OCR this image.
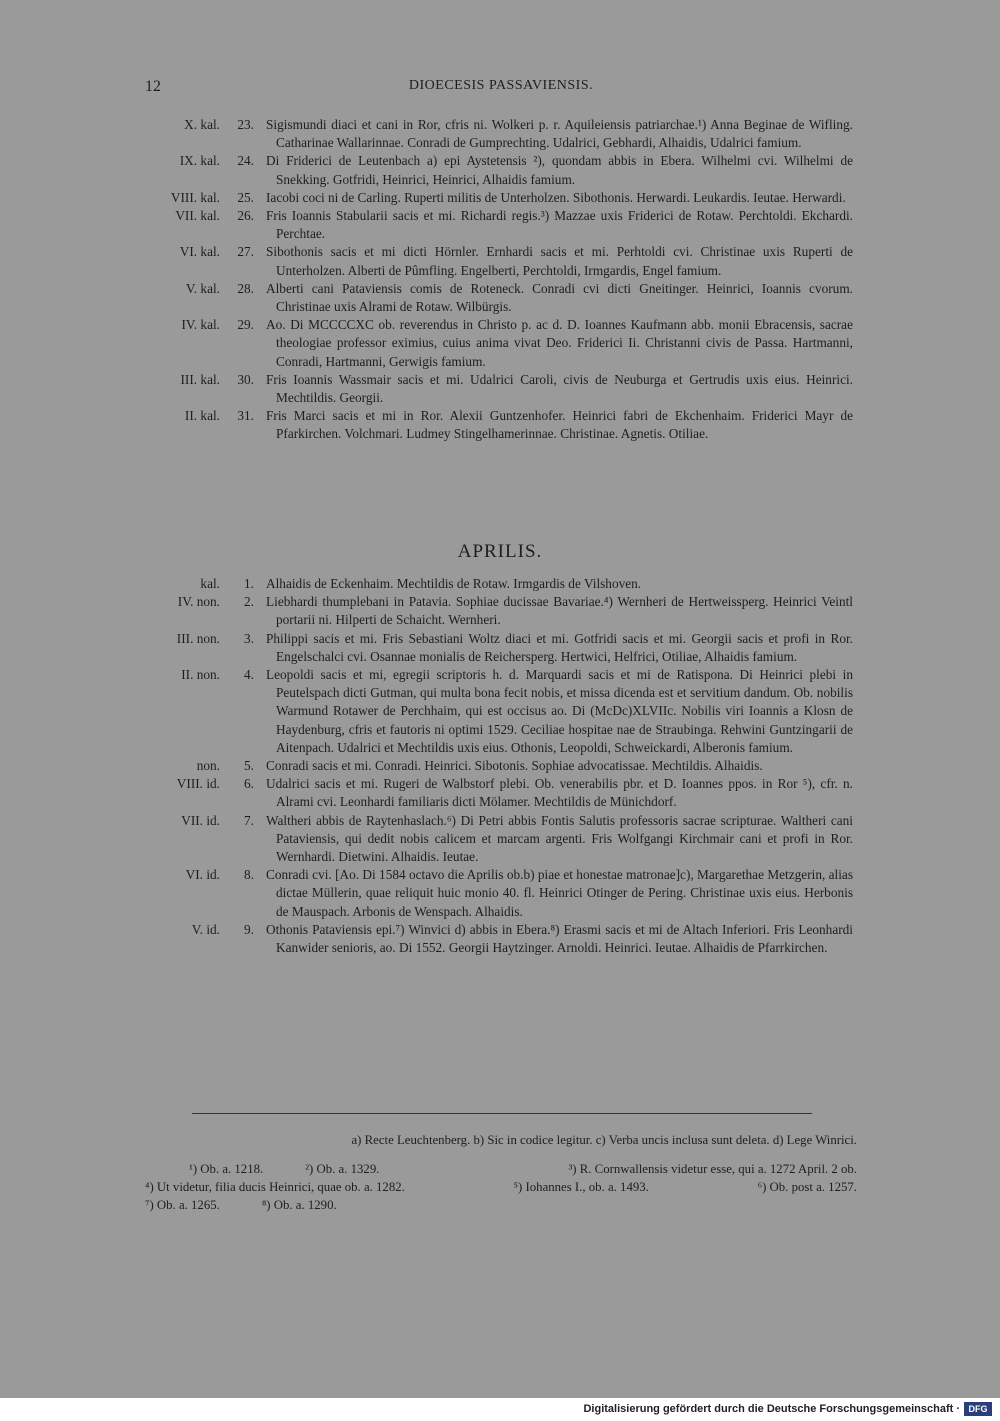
12	DIOECESIS PASSAVIENSIS.
X. kal.	23. Sigismundi diaci et cani in Ror, cfris ni. Wolkeri p. r. Aquileiensis patriarchae.¹) Anna Beginae de Wifling. Catharinae Wallarinnae. Conradi de Gumprechting. Udalrici, Gebhardi, Alhaidis, Udalrici famium.
IX. kal.	24. Di Friderici de Leutenbach a) epi Aystetensis ²), quondam abbis in Ebera. Wilhelmi cvi. Wilhelmi de Snekking. Gotfridi, Heinrici, Heinrici, Alhaidis famium.
VIII. kal.	25. Iacobi coci ni de Carling. Ruperti militis de Unterholzen. Sibothonis. Herwardi. Leukardis. Ieutae. Herwardi.
VII. kal.	26. Fris Ioannis Stabularii sacis et mi. Richardi regis.³) Mazzae uxis Friderici de Rotaw. Perchtoldi. Ekchardi. Perchtae.
VI. kal.	27. Sibothonis sacis et mi dicti Hörnler. Ernhardi sacis et mi. Perhtoldi cvi. Christinae uxis Ruperti de Unterholzen. Alberti de Pûmfling. Engelberti, Perchtoldi, Irmgardis, Engel famium.
V. kal.	28. Alberti cani Pataviensis comis de Roteneck. Conradi cvi dicti Gneitinger. Heinrici, Ioannis cvorum. Christinae uxis Alrami de Rotaw. Wilbürgis.
IV. kal.	29. Ao. Di MCCCCXC ob. reverendus in Christo p. ac d. D. Ioannes Kaufmann abb. monii Ebracensis, sacrae theologiae professor eximius, cuius anima vivat Deo. Friderici Ii. Christanni civis de Passa. Hartmanni, Conradi, Hartmanni, Gerwigis famium.
III. kal.	30. Fris Ioannis Wassmair sacis et mi. Udalrici Caroli, civis de Neuburga et Gertrudis uxis eius. Heinrici. Mechtildis. Georgii.
II. kal.	31. Fris Marci sacis et mi in Ror. Alexii Guntzenhofer. Heinrici fabri de Ekchenhaim. Friderici Mayr de Pfarkirchen. Volchmari. Ludmey Stingelhamerinnae. Christinae. Agnetis. Otiliae.
APRILIS.
kal.	1. Alhaidis de Eckenhaim. Mechtildis de Rotaw. Irmgardis de Vilshoven.
IV. non.	2. Liebhardi thumplebani in Patavia. Sophiae ducissae Bavariae.⁴) Wernheri de Hertweissperg. Heinrici Veintl portarii ni. Hilperti de Schaicht. Wernheri.
III. non.	3. Philippi sacis et mi. Fris Sebastiani Woltz diaci et mi. Gotfridi sacis et mi. Georgii sacis et profi in Ror. Engelschalci cvi. Osannae monialis de Reichersperg. Hertwici, Helfrici, Otiliae, Alhaidis famium.
II. non.	4. Leopoldi sacis et mi, egregii scriptoris h. d. Marquardi sacis et mi de Ratispona. Di Heinrici plebi in Peutelspach dicti Gutman, qui multa bona fecit nobis, et missa dicenda est et servitium dandum. Ob. nobilis Warmund Rotawer de Perchhaim, qui est occisus ao. Di (McDc)XLVIIc. Nobilis viri Ioannis a Klosn de Haydenburg, cfris et fautoris ni optimi 1529. Ceciliae hospitae nae de Straubinga. Rehwini Guntzingarii de Aitenpach. Udalrici et Mechtildis uxis eius. Othonis, Leopoldi, Schweickardi, Alberonis famium.
non.	5. Conradi sacis et mi. Conradi. Heinrici. Sibotonis. Sophiae advocatissae. Mechtildis. Alhaidis.
VIII. id.	6. Udalrici sacis et mi. Rugeri de Walbstorf plebi. Ob. venerabilis pbr. et D. Ioannes ppos. in Ror ⁵), cfr. n. Alrami cvi. Leonhardi familiaris dicti Mölamer. Mechtildis de Münichdorf.
VII. id.	7. Waltheri abbis de Raytenhaslach.⁶) Di Petri abbis Fontis Salutis professoris sacrae scripturae. Waltheri cani Pataviensis, qui dedit nobis calicem et marcam argenti. Fris Wolfgangi Kirchmair cani et profi in Ror. Wernhardi. Dietwini. Alhaidis. Ieutae.
VI. id.	8. Conradi cvi. [Ao. Di 1584 octavo die Aprilis ob.b) piae et honestae matronae]c), Margarethae Metzgerin, alias dictae Müllerin, quae reliquit huic monio 40. fl. Heinrici Otinger de Pering. Christinae uxis eius. Herbonis de Mauspach. Arbonis de Wenspach. Alhaidis.
V. id.	9. Othonis Pataviensis epi.⁷) Winvici d) abbis in Ebera.⁸) Erasmi sacis et mi de Altach Inferiori. Fris Leonhardi Kanwider senioris, ao. Di 1552. Georgii Haytzinger. Arnoldi. Heinrici. Ieutae. Alhaidis de Pfarrkirchen.
a) Recte Leuchtenberg. b) Sic in codice legitur. c) Verba uncis inclusa sunt deleta. d) Lege Winrici.
¹) Ob. a. 1218.	²) Ob. a. 1329.	³) R. Cornwallensis videtur esse, qui a. 1272 April. 2 ob.
⁴) Ut videtur, filia ducis Heinrici, quae ob. a. 1282.	⁵) Iohannes I., ob. a. 1493.	⁶) Ob. post a. 1257.
⁷) Ob. a. 1265.	⁸) Ob. a. 1290.
Digitalisierung gefördert durch die Deutsche Forschungsgemeinschaft · DFG
